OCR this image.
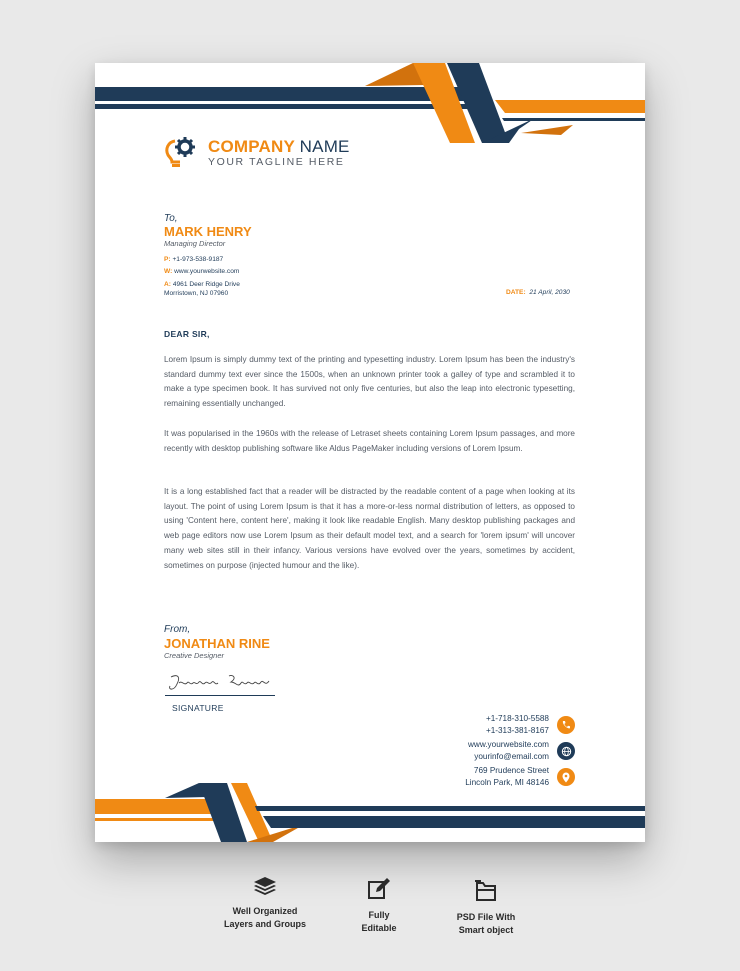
COMPANY NAME
YOUR TAGLINE HERE
To,
MARK HENRY
Managing Director
P: +1-973-538-9187
W: www.yourwebsite.com
A: 4961 Deer Ridge Drive
Morristown, NJ 07960	DATE: 21 April, 2030
DEAR SIR,

Lorem Ipsum is simply dummy text of the printing and typesetting industry. Lorem Ipsum has been the industry's standard dummy text ever since the 1500s, when an unknown printer took a galley of type and scrambled it to make a type specimen book. It has survived not only five centuries, but also the leap into electronic typesetting, remaining essentially unchanged.

It was popularised in the 1960s with the release of Letraset sheets containing Lorem Ipsum passages, and more recently with desktop publishing software like Aldus PageMaker including versions of Lorem Ipsum.

It is a long established fact that a reader will be distracted by the readable content of a page when looking at its layout. The point of using Lorem Ipsum is that it has a more-or-less normal distribution of letters, as opposed to using 'Content here, content here', making it look like readable English. Many desktop publishing packages and web page editors now use Lorem Ipsum as their default model text, and a search for 'lorem ipsum' will uncover many web sites still in their infancy. Various versions have evolved over the years, sometimes by accident, sometimes on purpose (injected humour and the like).

From,
JONATHAN RINE
Creative Designer
SIGNATURE
+1-718-310-5588
+1-313-381-8167
www.yourwebsite.com
yourinfo@email.com
769 Prudence Street
Lincoln Park, MI 48146
Well Organized
Layers and Groups
Fully
Editable
PSD File With
Smart object
